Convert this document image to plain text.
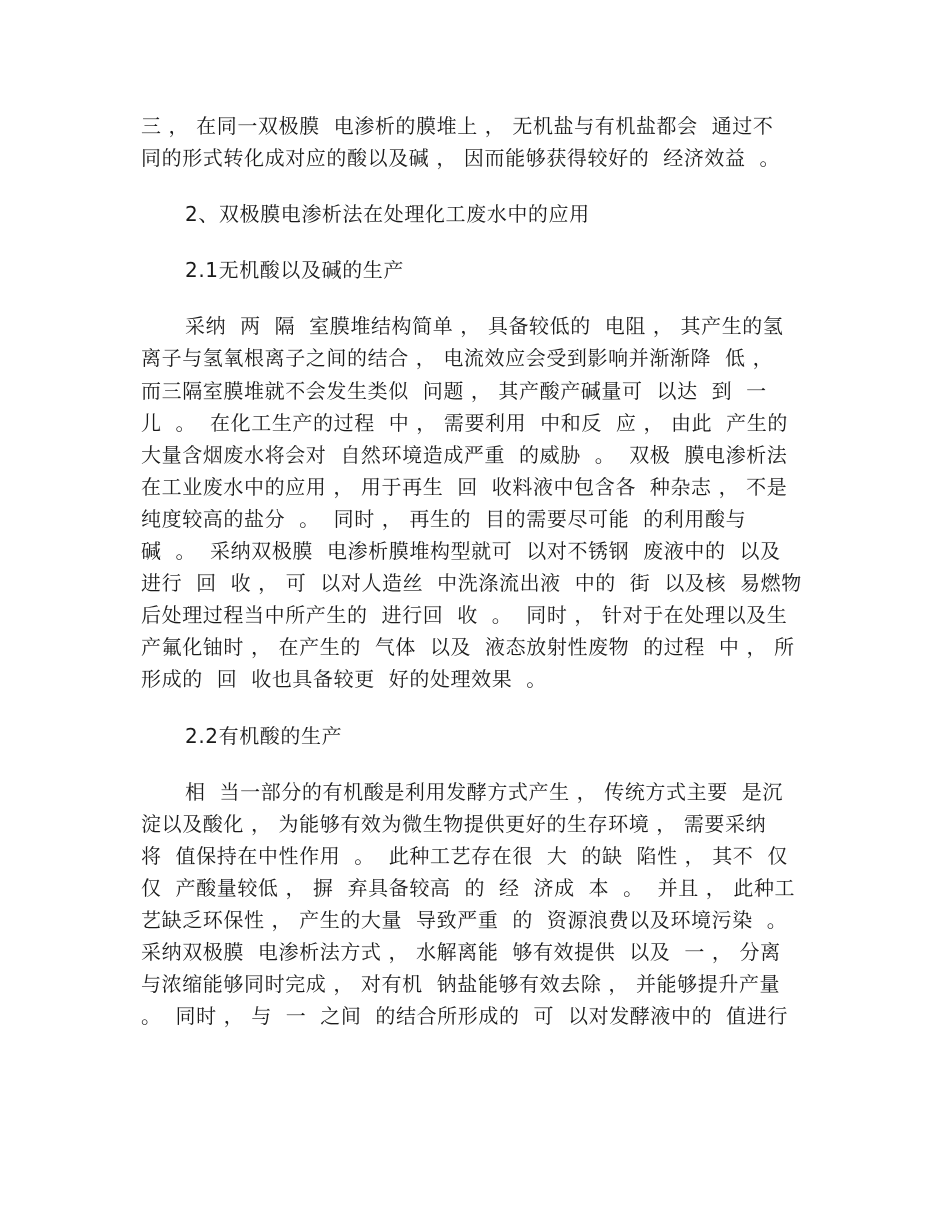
三 ， 在同一双极膜  电渗析的膜堆上 ， 无机盐与有机盐都会  通过不
同的形式转化成对应的酸以及碱 ， 因而能够获得较好的  经济效益  。
2、双极膜电渗析法在处理化工废水中的应用
2.1无机酸以及碱的生产
采纳  两  隔  室膜堆结构简单 ， 具备较低的  电阻 ， 其产生的氢
离子与氢氧根离子之间的结合 ， 电流效应会受到影响并渐渐降  低 ，
而三隔室膜堆就不会发生类似  问题 ， 其产酸产碱量可  以达  到  一
儿  。  在化工生产的过程  中 ， 需要利用  中和反  应 ， 由此  产生的
大量含烟废水将会对  自然环境造成严重  的威胁  。  双极  膜电渗析法
在工业废水中的应用 ， 用于再生  回  收料液中包含各  种杂志 ， 不是
纯度较高的盐分  。  同时 ， 再生的  目的需要尽可能  的利用酸与
碱  。  采纳双极膜  电渗析膜堆构型就可  以对不锈钢  废液中的  以及
进行  回  收 ， 可  以对人造丝  中洗涤流出液  中的  街  以及核  易燃物
后处理过程当中所产生的  进行回  收  。  同时 ， 针对于在处理以及生
产氟化铀时 ， 在产生的  气体  以及  液态放射性废物  的过程  中 ， 所
形成的  回  收也具备较更  好的处理效果  。
2.2有机酸的生产
相  当一部分的有机酸是利用发酵方式产生 ， 传统方式主要  是沉
淀以及酸化 ， 为能够有效为微生物提供更好的生存环境 ， 需要采纳
将  值保持在中性作用  。  此种工艺存在很  大  的缺  陷性 ， 其不  仅
仅  产酸量较低 ， 摒  弃具备较高  的  经  济成  本  。  并且 ， 此种工
艺缺乏环保性 ， 产生的大量  导致严重  的  资源浪费以及环境污染  。
采纳双极膜  电渗析法方式 ， 水解离能  够有效提供  以及  一 ， 分离
与浓缩能够同时完成 ， 对有机  钠盐能够有效去除 ， 并能够提升产量
。  同时 ， 与  一  之间  的结合所形成的  可  以对发酵液中的  值进行
